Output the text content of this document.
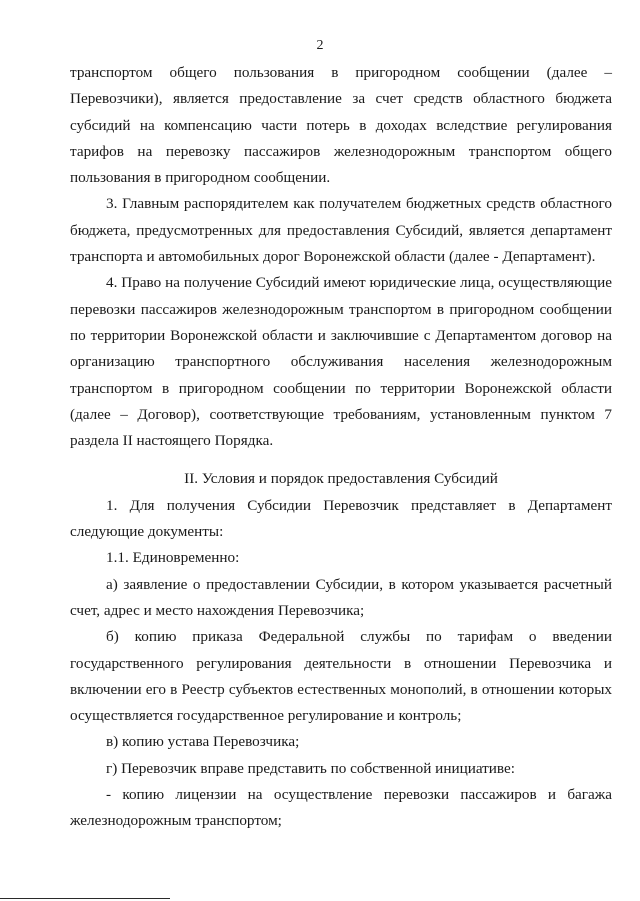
2

транспортом общего пользования в пригородном сообщении (далее – Перевозчики), является предоставление за счет средств областного бюджета субсидий на компенсацию части потерь в доходах вследствие регулирования тарифов на перевозку пассажиров железнодорожным транспортом общего пользования в пригородном сообщении.

3. Главным распорядителем как получателем бюджетных средств областного бюджета, предусмотренных для предоставления Субсидий, является департамент транспорта и автомобильных дорог Воронежской области (далее - Департамент).

4. Право на получение Субсидий имеют юридические лица, осуществляющие перевозки пассажиров железнодорожным транспортом в пригородном сообщении по территории Воронежской области и заключившие с Департаментом договор на организацию транспортного обслуживания населения железнодорожным транспортом в пригородном сообщении по территории Воронежской области (далее – Договор), соответствующие требованиям, установленным пунктом 7 раздела II настоящего Порядка.

II. Условия и порядок предоставления Субсидий

1. Для получения Субсидии Перевозчик представляет в Департамент следующие документы:

1.1. Единовременно:

а) заявление о предоставлении Субсидии, в котором указывается расчетный счет, адрес и место нахождения Перевозчика;

б) копию приказа Федеральной службы по тарифам о введении государственного регулирования деятельности в отношении Перевозчика и включении его в Реестр субъектов естественных монополий, в отношении которых осуществляется государственное регулирование и контроль;

в) копию устава Перевозчика;

г) Перевозчик вправе представить по собственной инициативе:

- копию лицензии на осуществление перевозки пассажиров и багажа железнодорожным транспортом;
